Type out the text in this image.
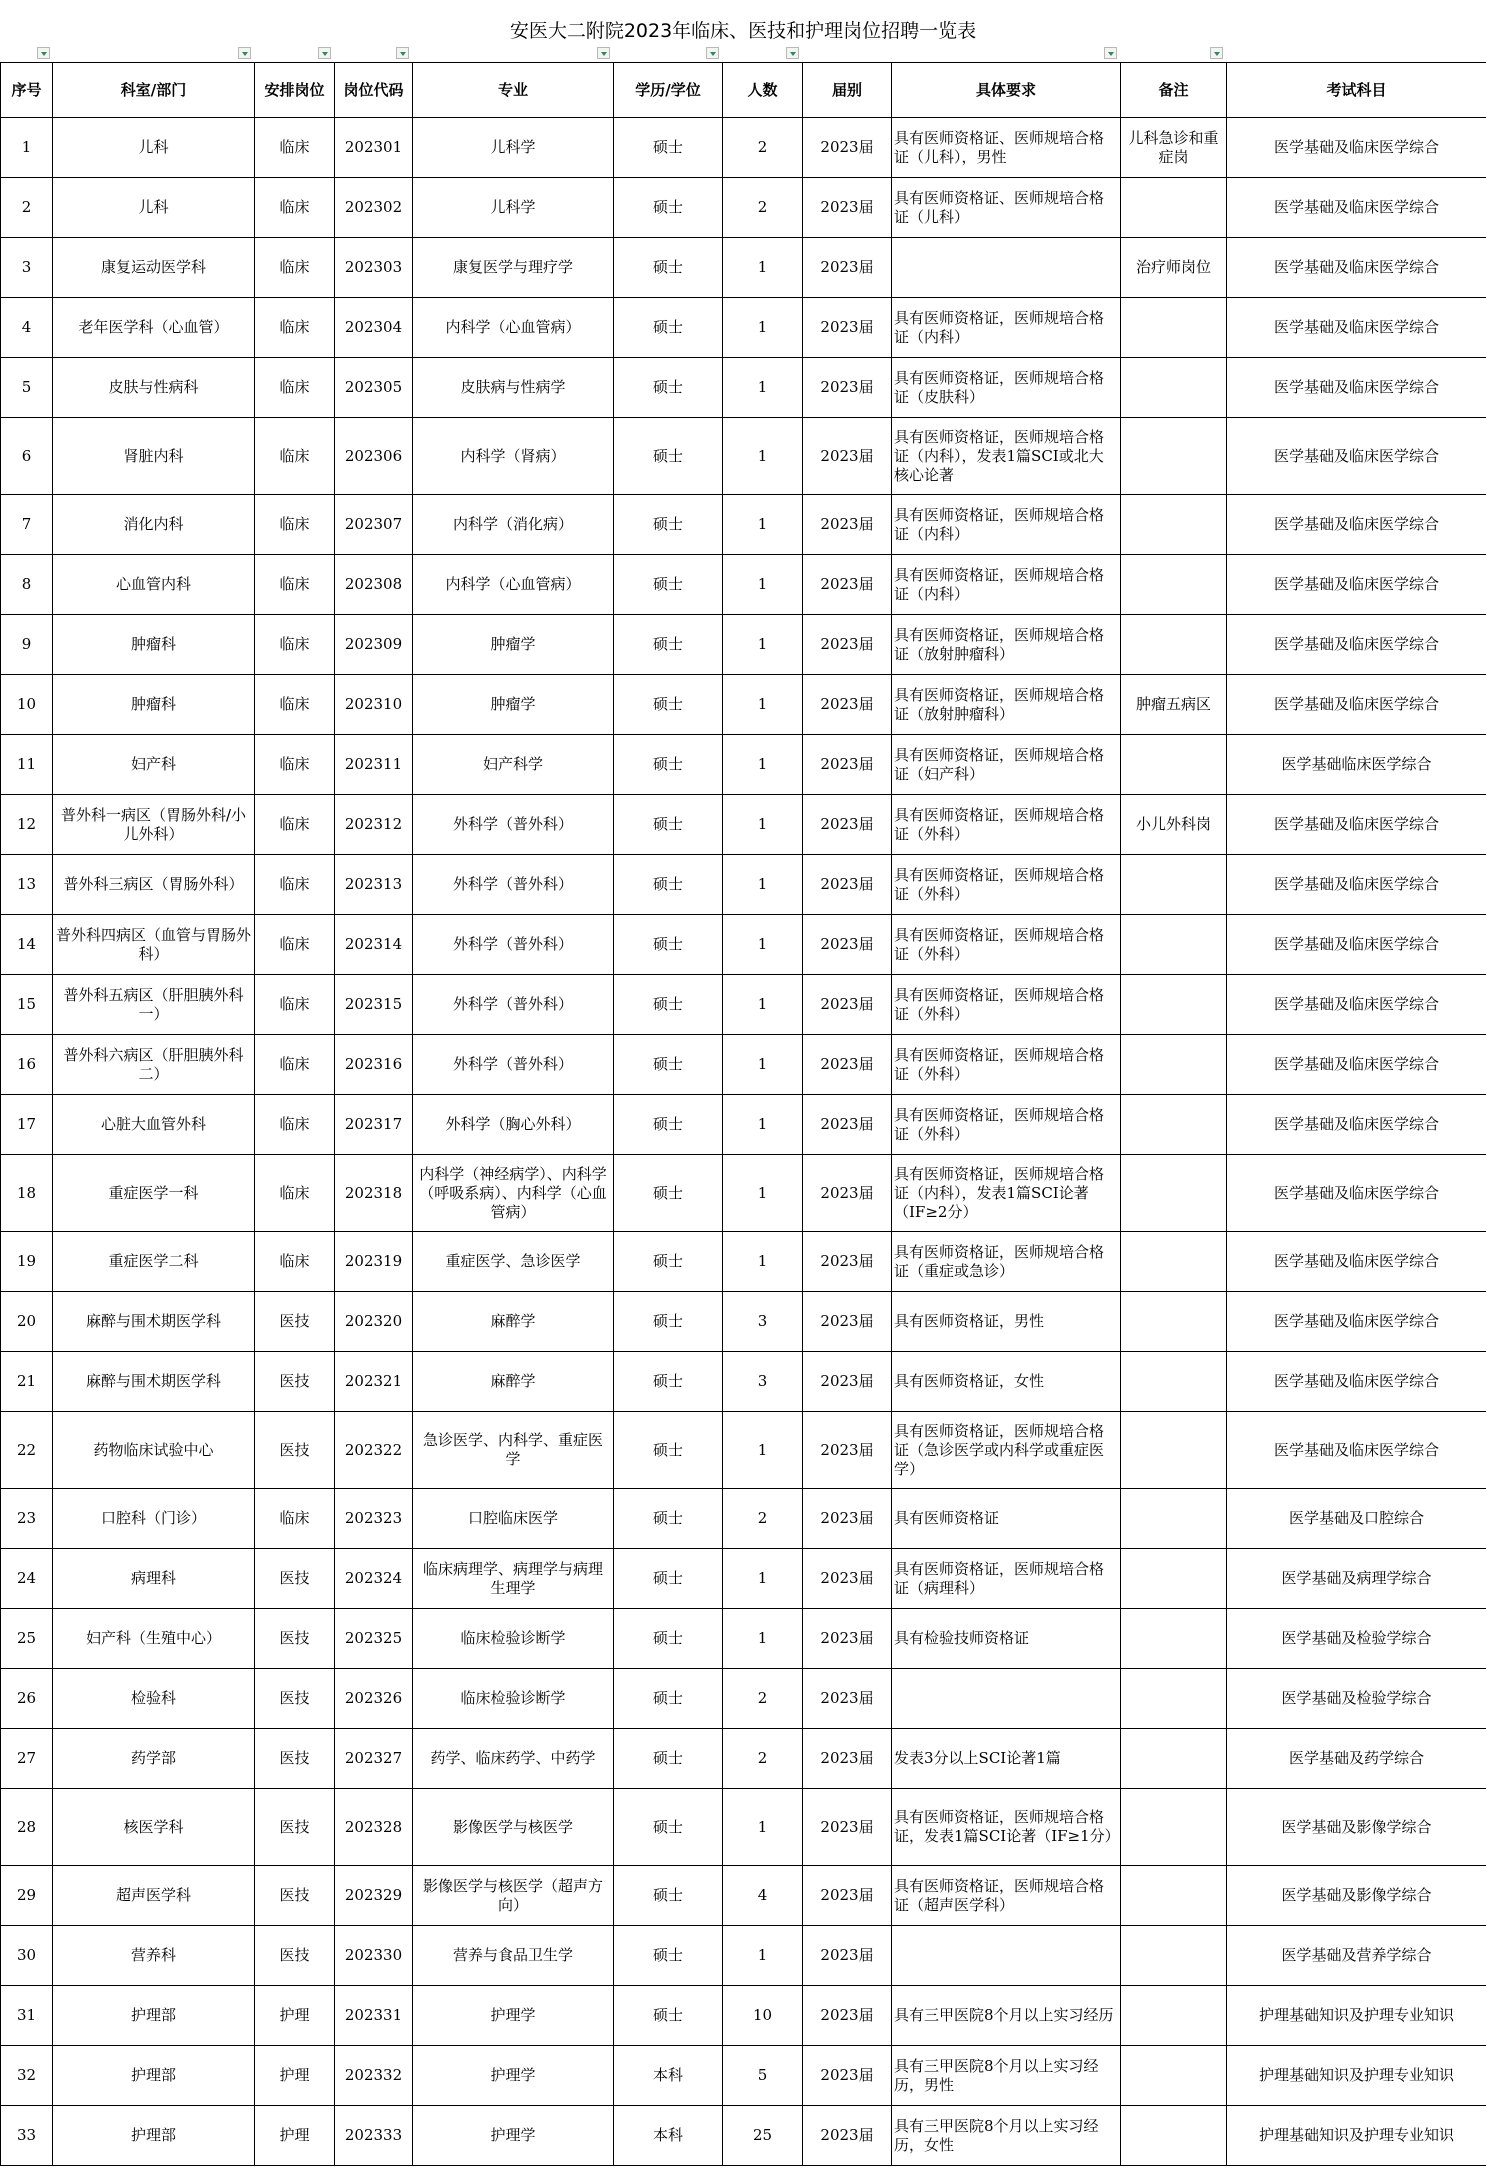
安医大二附院2023年临床、医技和护理岗位招聘一览表
序号	科室/部门	安排岗位	岗位代码	专业	学历/学位	人数	届别	具体要求	备注	考试科目
1	儿科	临床	202301	儿科学	硕士	2	2023届	具有医师资格证、医师规培合格证（儿科），男性	儿科急诊和重症岗	医学基础及临床医学综合
2	儿科	临床	202302	儿科学	硕士	2	2023届	具有医师资格证、医师规培合格证（儿科）		医学基础及临床医学综合
3	康复运动医学科	临床	202303	康复医学与理疗学	硕士	1	2023届		治疗师岗位	医学基础及临床医学综合
4	老年医学科（心血管）	临床	202304	内科学（心血管病）	硕士	1	2023届	具有医师资格证，医师规培合格证（内科）		医学基础及临床医学综合
5	皮肤与性病科	临床	202305	皮肤病与性病学	硕士	1	2023届	具有医师资格证，医师规培合格证（皮肤科）		医学基础及临床医学综合
6	肾脏内科	临床	202306	内科学（肾病）	硕士	1	2023届	具有医师资格证，医师规培合格证（内科），发表1篇SCI或北大核心论著		医学基础及临床医学综合
7	消化内科	临床	202307	内科学（消化病）	硕士	1	2023届	具有医师资格证，医师规培合格证（内科）		医学基础及临床医学综合
8	心血管内科	临床	202308	内科学（心血管病）	硕士	1	2023届	具有医师资格证，医师规培合格证（内科）		医学基础及临床医学综合
9	肿瘤科	临床	202309	肿瘤学	硕士	1	2023届	具有医师资格证，医师规培合格证（放射肿瘤科）		医学基础及临床医学综合
10	肿瘤科	临床	202310	肿瘤学	硕士	1	2023届	具有医师资格证，医师规培合格证（放射肿瘤科）	肿瘤五病区	医学基础及临床医学综合
11	妇产科	临床	202311	妇产科学	硕士	1	2023届	具有医师资格证，医师规培合格证（妇产科）		医学基础临床医学综合
12	普外科一病区（胃肠外科/小儿外科）	临床	202312	外科学（普外科）	硕士	1	2023届	具有医师资格证，医师规培合格证（外科）	小儿外科岗	医学基础及临床医学综合
13	普外科三病区（胃肠外科）	临床	202313	外科学（普外科）	硕士	1	2023届	具有医师资格证，医师规培合格证（外科）		医学基础及临床医学综合
14	普外科四病区（血管与胃肠外科）	临床	202314	外科学（普外科）	硕士	1	2023届	具有医师资格证，医师规培合格证（外科）		医学基础及临床医学综合
15	普外科五病区（肝胆胰外科一）	临床	202315	外科学（普外科）	硕士	1	2023届	具有医师资格证，医师规培合格证（外科）		医学基础及临床医学综合
16	普外科六病区（肝胆胰外科二）	临床	202316	外科学（普外科）	硕士	1	2023届	具有医师资格证，医师规培合格证（外科）		医学基础及临床医学综合
17	心脏大血管外科	临床	202317	外科学（胸心外科）	硕士	1	2023届	具有医师资格证，医师规培合格证（外科）		医学基础及临床医学综合
18	重症医学一科	临床	202318	内科学（神经病学）、内科学（呼吸系病）、内科学（心血管病）	硕士	1	2023届	具有医师资格证，医师规培合格证（内科），发表1篇SCI论著（IF≥2分）		医学基础及临床医学综合
19	重症医学二科	临床	202319	重症医学、急诊医学	硕士	1	2023届	具有医师资格证，医师规培合格证（重症或急诊）		医学基础及临床医学综合
20	麻醉与围术期医学科	医技	202320	麻醉学	硕士	3	2023届	具有医师资格证，男性		医学基础及临床医学综合
21	麻醉与围术期医学科	医技	202321	麻醉学	硕士	3	2023届	具有医师资格证，女性		医学基础及临床医学综合
22	药物临床试验中心	医技	202322	急诊医学、内科学、重症医学	硕士	1	2023届	具有医师资格证，医师规培合格证（急诊医学或内科学或重症医学）		医学基础及临床医学综合
23	口腔科（门诊）	临床	202323	口腔临床医学	硕士	2	2023届	具有医师资格证		医学基础及口腔综合
24	病理科	医技	202324	临床病理学、病理学与病理生理学	硕士	1	2023届	具有医师资格证，医师规培合格证（病理科）		医学基础及病理学综合
25	妇产科（生殖中心）	医技	202325	临床检验诊断学	硕士	1	2023届	具有检验技师资格证		医学基础及检验学综合
26	检验科	医技	202326	临床检验诊断学	硕士	2	2023届			医学基础及检验学综合
27	药学部	医技	202327	药学、临床药学、中药学	硕士	2	2023届	发表3分以上SCI论著1篇		医学基础及药学综合
28	核医学科	医技	202328	影像医学与核医学	硕士	1	2023届	具有医师资格证，医师规培合格证，发表1篇SCI论著（IF≥1分）		医学基础及影像学综合
29	超声医学科	医技	202329	影像医学与核医学（超声方向）	硕士	4	2023届	具有医师资格证，医师规培合格证（超声医学科）		医学基础及影像学综合
30	营养科	医技	202330	营养与食品卫生学	硕士	1	2023届			医学基础及营养学综合
31	护理部	护理	202331	护理学	硕士	10	2023届	具有三甲医院8个月以上实习经历		护理基础知识及护理专业知识
32	护理部	护理	202332	护理学	本科	5	2023届	具有三甲医院8个月以上实习经历，男性		护理基础知识及护理专业知识
33	护理部	护理	202333	护理学	本科	25	2023届	具有三甲医院8个月以上实习经历，女性		护理基础知识及护理专业知识
